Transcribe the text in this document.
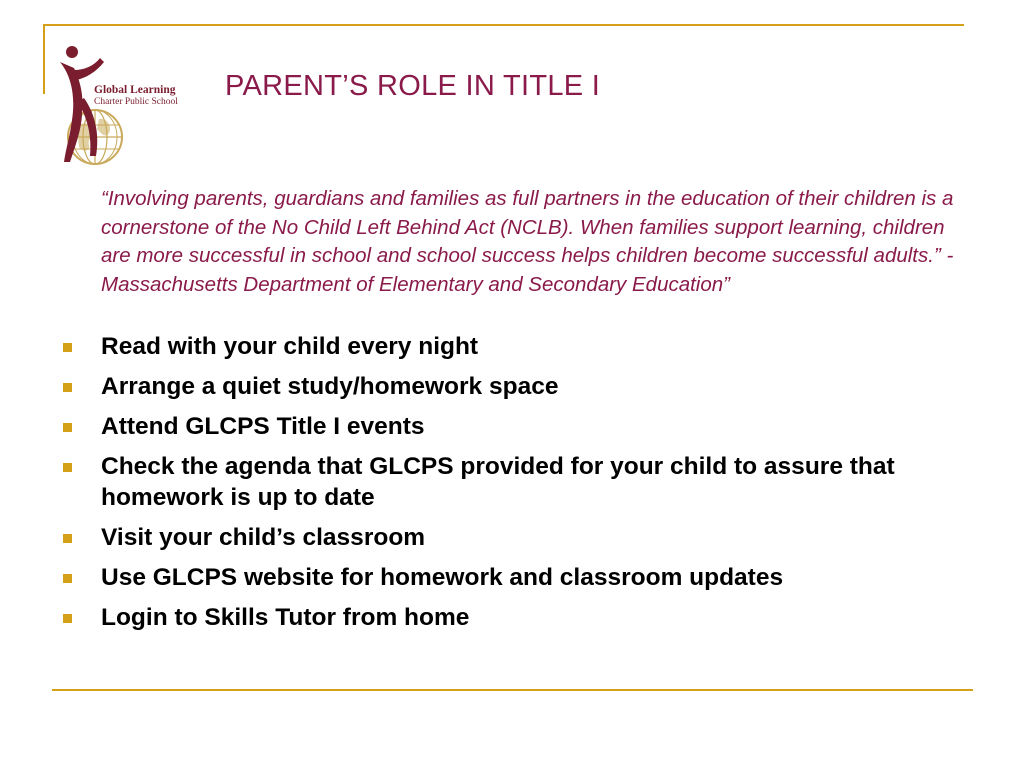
Global Learning
Charter Public School PARENT’S ROLE IN TITLE I
“Involving parents, guardians and families as full partners in the education of their children is a cornerstone of the No Child Left Behind Act (NCLB). When families support learning, children are more successful in school and school success helps children become successful adults.” - Massachusetts Department of Elementary and Secondary Education”
Read with your child every night
Arrange a quiet study/homework space
Attend GLCPS Title I events
Check the agenda that GLCPS provided for your child to assure that homework is up to date
Visit your child’s classroom
Use GLCPS website for homework and classroom updates
Login to Skills Tutor from home
